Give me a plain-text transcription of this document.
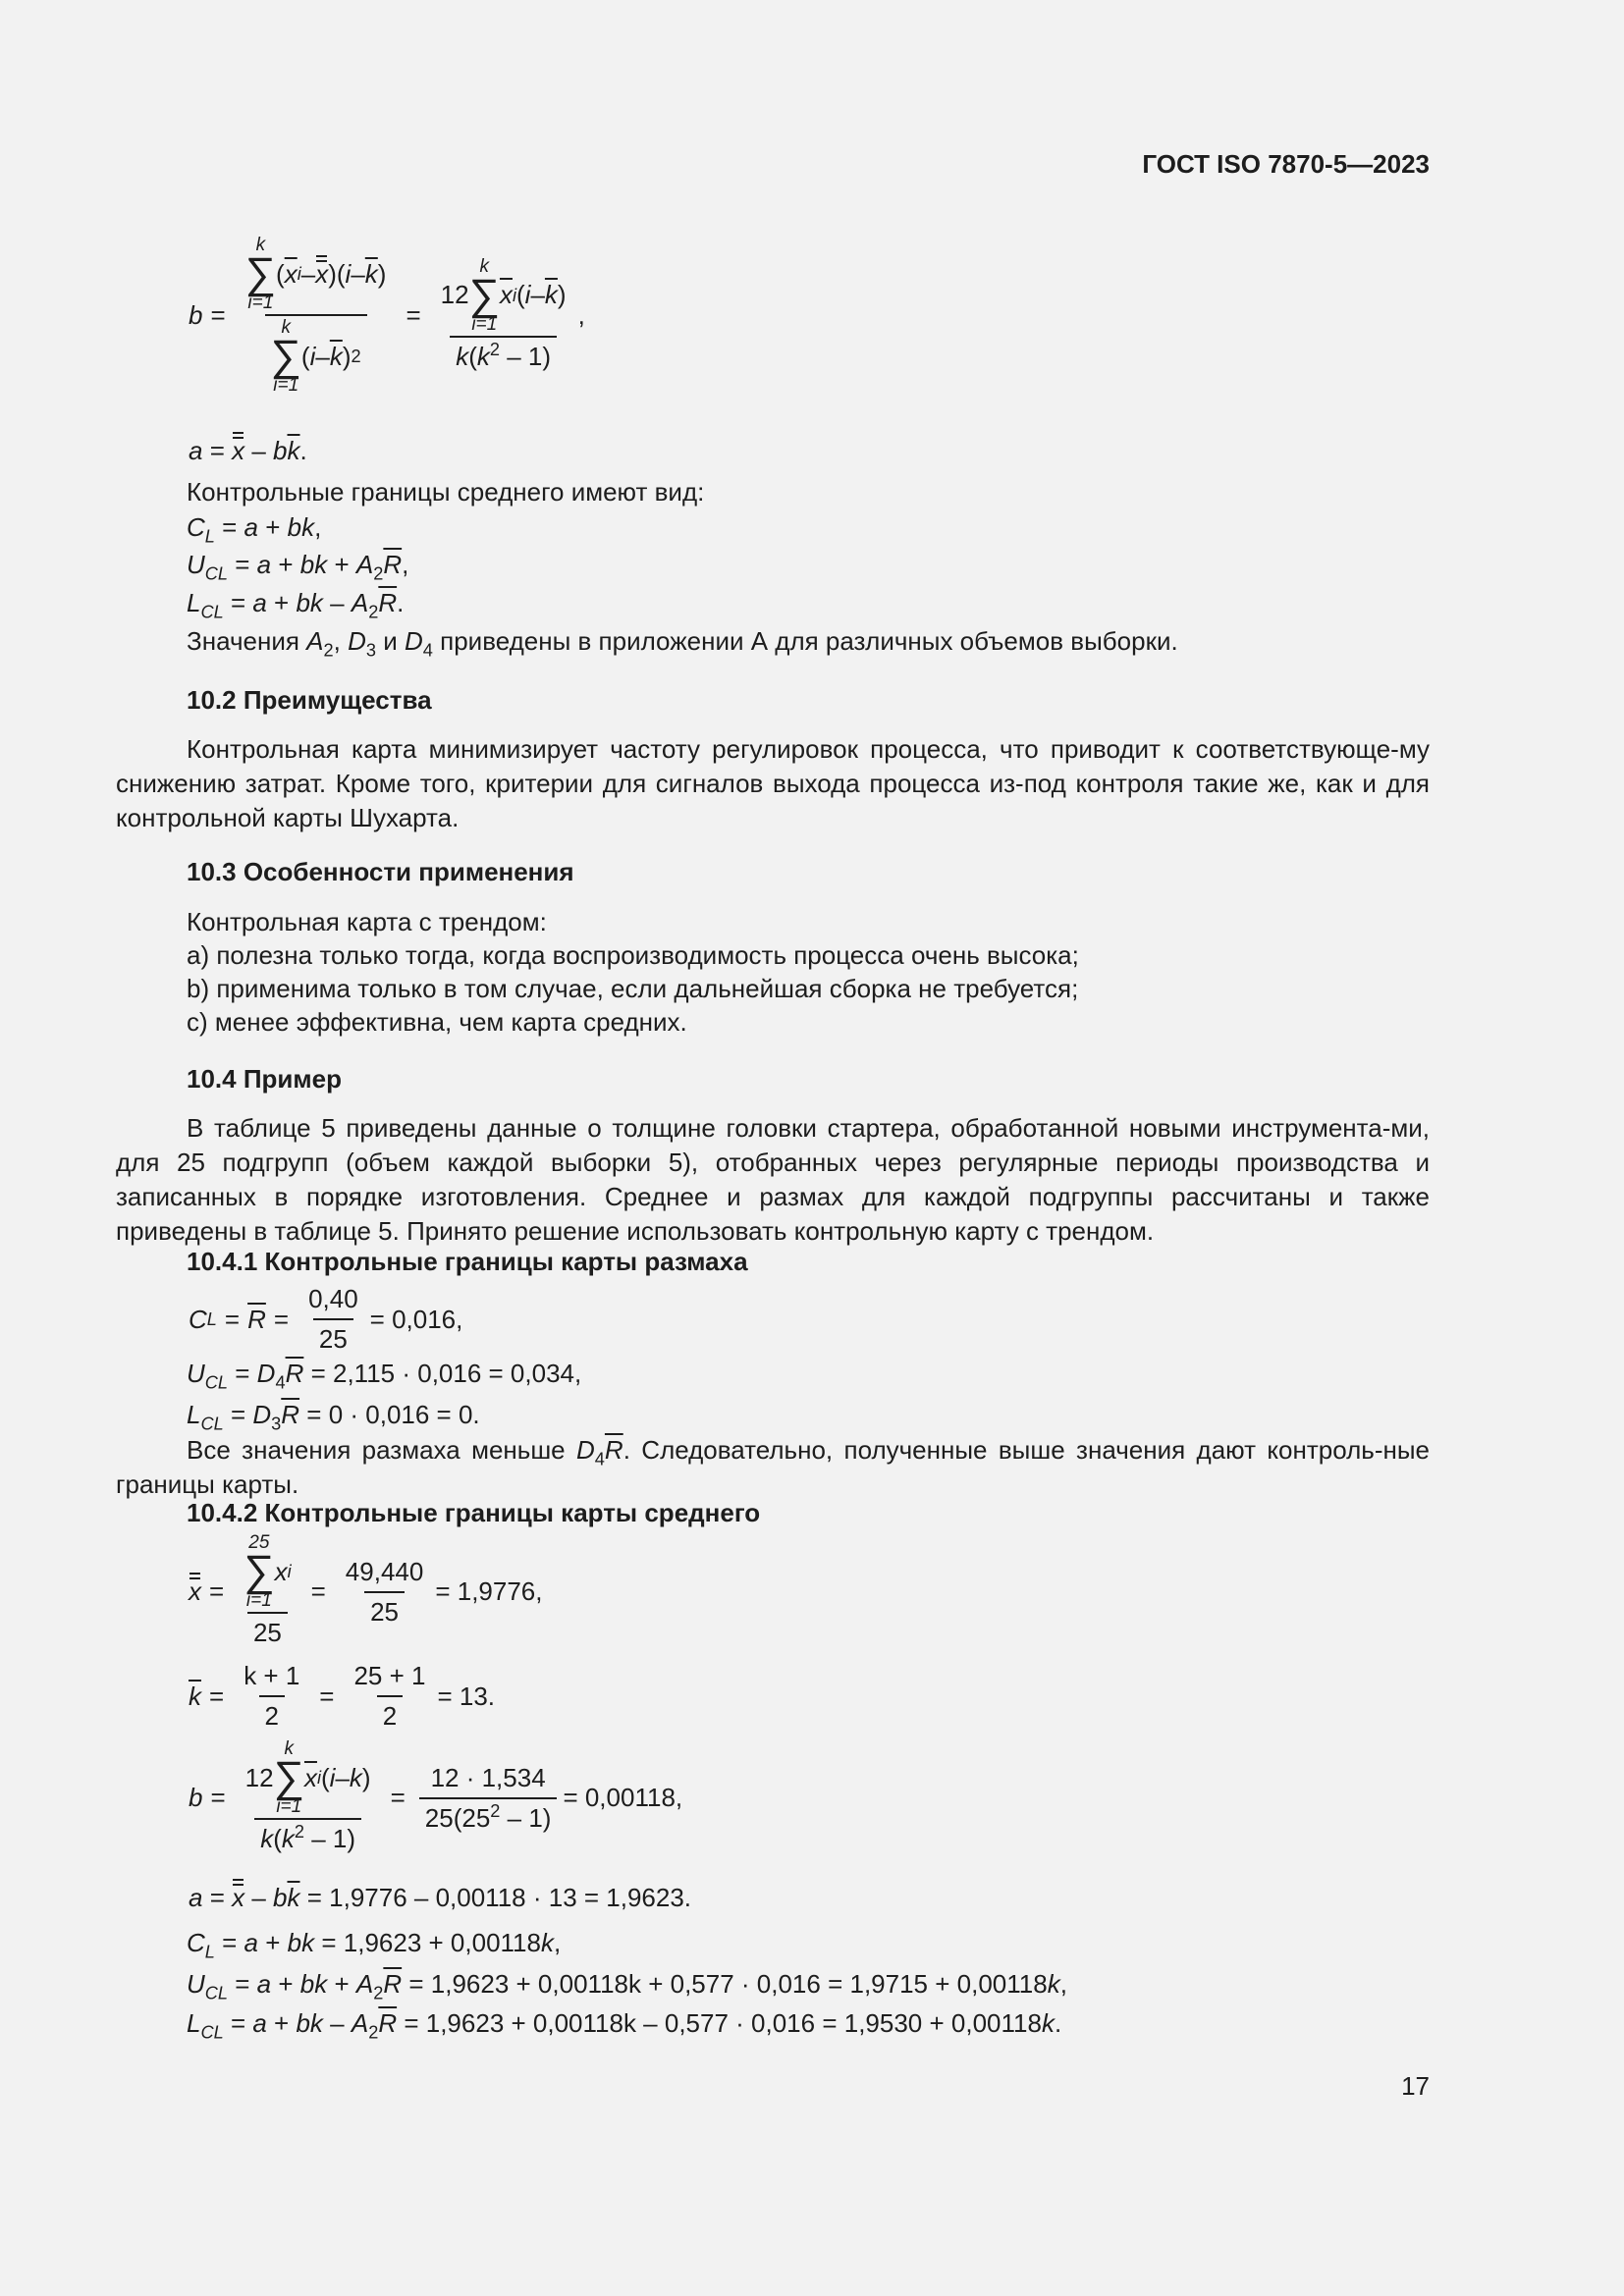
ГОСТ ISO 7870-5—2023
b = k
∑
i=1
( $\overline{x}$ i – x )( i – $\overline{k}$ )
k
∑
i=1
( i – $\overline{k}$ ) 2 = 12
k
∑
i=1
$\overline{x}$ i ( i – $\overline{k}$ )
$k(k^2 - 1)$ ,
$a = x - b\overline{k}$.
Контрольные границы среднего имеют вид:
$C_L = a$ + bk,
$U_{CL} = a$ + bk + $A_2\overline{R}$,
$L_{CL} = a$ + bk – $A_2\overline{R}$.
Значения $A_2$, $D_3$ и $D_4$ приведены в приложении А для различных объемов выборки.
10.2 Преимущества
Контрольная карта минимизирует частоту регулировок процесса, что приводит к соответствующе-му снижению затрат. Кроме того, критерии для сигналов выхода процесса из-под контроля такие же, как и для контрольной карты Шухарта.
10.3 Особенности применения
Контрольная карта с трендом:
a) полезна только тогда, когда воспроизводимость процесса очень высока;
b) применима только в том случае, если дальнейшая сборка не требуется;
c) менее эффективна, чем карта средних.
10.4 Пример
В таблице 5 приведены данные о толщине головки стартера, обработанной новыми инструмента-ми, для 25 подгрупп (объем каждой выборки 5), отобранных через регулярные периоды производства и записанных в порядке изготовления. Среднее и размах для каждой подгруппы рассчитаны и также приведены в таблице 5. Принято решение использовать контрольную карту с трендом.
10.4.1 Контрольные границы карты размаха
C $L = \overline{R} = \frac{0,40}{25} = 0,016$,
$U_{CL} = D_4\overline{R} = 2,115 \cdot 0,016 = 0,034$,
$L_{CL} = D_3\overline{R} = 0 \cdot 0,016 = 0$.
Все значения размаха меньше $D_4\overline{R}$. Следовательно, полученные выше значения дают контроль-ные границы карты.
10.4.2 Контрольные границы карты среднего
x = 25
∑
i=1
x i
$25 = \frac{49,440}{25} = 1,9776$,
$\overline{k} = \frac{k + 1}{2} = \frac{25 + 1}{2} = 13$.
b = 12
k
∑
i=1
$\overline{x}$ i ( i – k )
$k(k^2 - 1) = \frac{12 \cdot 1,534}{25(25^2 - 1)} = 0,00118$,
$a = x - b\overline{k} = 1,9776 - 0,00118 \cdot 13 = 1,9623$.
$C_L = a$ + bk = 1,9623 + 0,00118k,
$U_{CL} = a$ + bk + $A_2\overline{R} = 1,9623 + 0,00118k + 0,577 \cdot 0,016 = 1,9715 + 0,00118k$,
$L_{CL} = a$ + bk – $A_2\overline{R} = 1,9623 + 0,00118k - 0,577 \cdot 0,016 = 1,9530 + 0,00118k$.
17
